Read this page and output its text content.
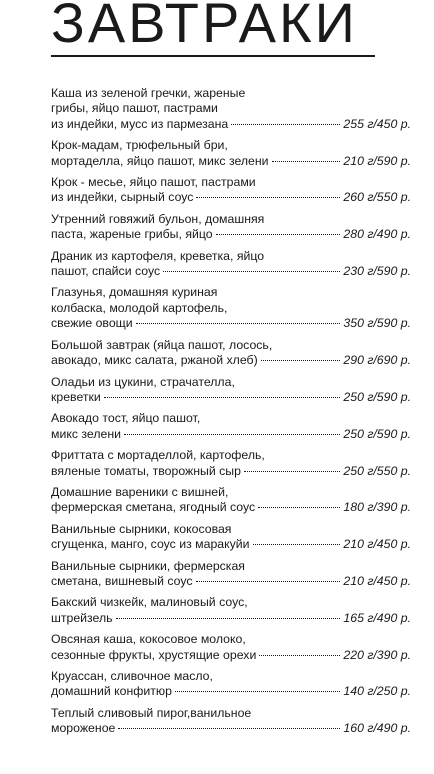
ЗАВТРАКИ
Каша из зеленой гречки, жареные
грибы, яйцо пашот, пастрами
из индейки, мусс из пармезана	255 г/450 р.
Крок-мадам, трюфельный бри,
мортаделла, яйцо пашот, микс зелени	210 г/590 р.
Крок - месье, яйцо пашот, пастрами
из индейки, сырный соус	260 г/550 р.
Утренний говяжий бульон, домашняя
паста, жареные грибы, яйцо	280 г/490 р.
Драник из картофеля, креветка, яйцо
пашот, спайси соус	230 г/590 р.
Глазунья, домашняя куриная
колбаска, молодой картофель,
свежие овощи	350 г/590 р.
Большой завтрак (яйца пашот, лосось,
авокадо, микс салата, ржаной хлеб)	290 г/690 р.
Оладьи из цукини, страчателла,
креветки	250 г/590 р.
Авокадо тост, яйцо пашот,
микс зелени	250 г/590 р.
Фриттата с мортаделлой, картофель,
вяленые томаты, творожный сыр	250 г/550 р.
Домашние вареники с вишней,
фермерская сметана, ягодный соус	180 г/390 р.
Ванильные сырники, кокосовая
сгущенка, манго, соус из маракуйи	210 г/450 р.
Ванильные сырники, фермерская
сметана, вишневый соус	210 г/450 р.
Бакский чизкейк, малиновый соус,
штрейзель	165 г/490 р.
Овсяная каша, кокосовое молоко,
сезонные фрукты, хрустящие орехи	220 г/390 р.
Круассан, сливочное масло,
домашний конфитюр	140 г/250 р.
Теплый сливовый пирог,ванильное
мороженое	160 г/490 р.
